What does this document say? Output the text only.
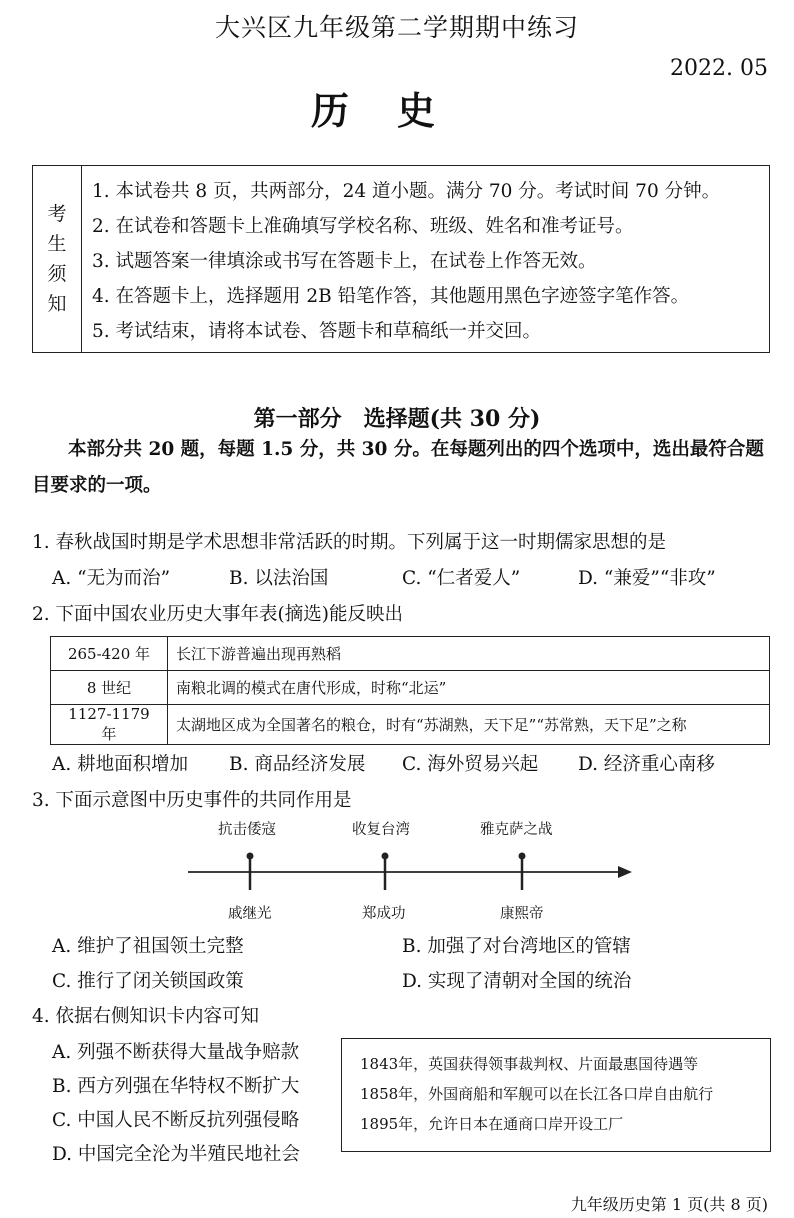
大兴区九年级第二学期期中练习
2022. 05
历史
考
生
须
知
1. 本试卷共 8 页，共两部分，24 道小题。满分 70 分。考试时间 70 分钟。
2. 在试卷和答题卡上准确填写学校名称、班级、姓名和准考证号。
3. 试题答案一律填涂或书写在答题卡上，在试卷上作答无效。
4. 在答题卡上，选择题用 2B 铅笔作答，其他题用黑色字迹签字笔作答。
5. 考试结束，请将本试卷、答题卡和草稿纸一并交回。
第一部分　选择题(共 30 分)
本部分共 20 题，每题 1.5 分，共 30 分。在每题列出的四个选项中，选出最符合题目要求的一项。
1. 春秋战国时期是学术思想非常活跃的时期。下列属于这一时期儒家思想的是
A. “无为而治”	B. 以法治国	C. “仁者爱人”	D. “兼爱”“非攻”
2. 下面中国农业历史大事年表(摘选)能反映出
265-420 年	长江下游普遍出现再熟稻
8 世纪	南粮北调的模式在唐代形成，时称“北运”
1127-1179 年	太湖地区成为全国著名的粮仓，时有“苏湖熟，天下足”“苏常熟，天下足”之称
A. 耕地面积增加 B. 商品经济发展 C. 海外贸易兴起 D. 经济重心南移
3. 下面示意图中历史事件的共同作用是
抗击倭寇	收复台湾	雅克萨之战
戚继光	郑成功	康熙帝
A. 维护了祖国领土完整	B. 加强了对台湾地区的管辖
C. 推行了闭关锁国政策	D. 实现了清朝对全国的统治
4. 依据右侧知识卡内容可知
A. 列强不断获得大量战争赔款
B. 西方列强在华特权不断扩大
C. 中国人民不断反抗列强侵略
D. 中国完全沦为半殖民地社会
1843年，英国获得领事裁判权、片面最惠国待遇等
1858年，外国商船和军舰可以在长江各口岸自由航行
1895年，允许日本在通商口岸开设工厂
九年级历史第 1 页(共 8 页)
